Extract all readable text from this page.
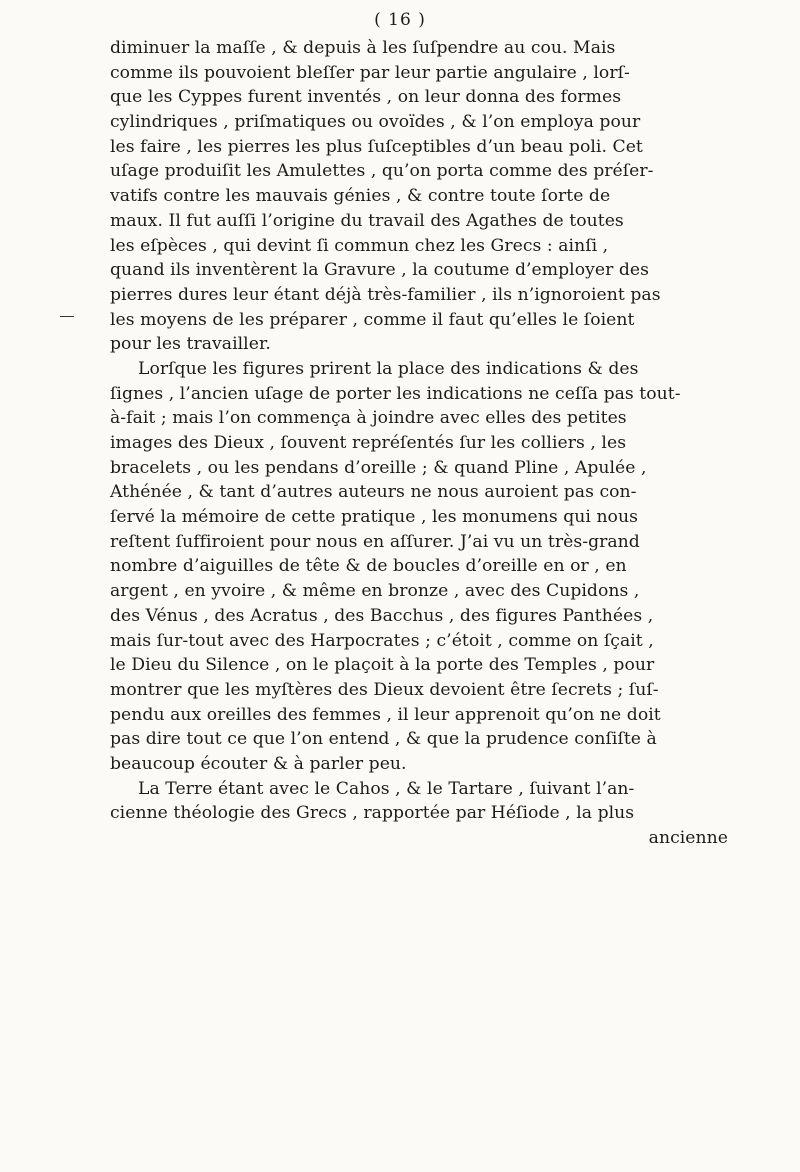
( 16 )
diminuer la maſſe , & depuis à les ſuſpendre au cou. Mais
comme ils pouvoient bleſſer par leur partie angulaire , lorſ-
que les Cyppes furent inventés , on leur donna des formes
cylindriques , priſmatiques ou ovoïdes , & l’on employa pour
les faire , les pierres les plus ſuſceptibles d’un beau poli. Cet
uſage produiſit les Amulettes , qu’on porta comme des préſer-
vatifs contre les mauvais génies , & contre toute ſorte de
maux. Il fut auſſi l’origine du travail des Agathes de toutes
les eſpèces , qui devint ſi commun chez les Grecs : ainſi ,
quand ils inventèrent la Gravure , la coutume d’employer des
pierres dures leur étant déjà très-familier , ils n’ignoroient pas
les moyens de les préparer , comme il faut qu’elles le ſoient
pour les travailler.
Lorſque les figures prirent la place des indications & des
ſignes , l’ancien uſage de porter les indications ne ceſſa pas tout-
à-fait ; mais l’on commença à joindre avec elles des petites
images des Dieux , ſouvent repréſentés ſur les colliers , les
bracelets , ou les pendans d’oreille ; & quand Pline , Apulée ,
Athénée , & tant d’autres auteurs ne nous auroient pas con-
ſervé la mémoire de cette pratique , les monumens qui nous
reſtent ſuffiroient pour nous en aſſurer. J’ai vu un très-grand
nombre d’aiguilles de tête & de boucles d’oreille en or , en
argent , en yvoire , & même en bronze , avec des Cupidons ,
des Vénus , des Acratus , des Bacchus , des figures Panthées ,
mais ſur-tout avec des Harpocrates ; c’étoit , comme on ſçait ,
le Dieu du Silence , on le plaçoit à la porte des Temples , pour
montrer que les myſtères des Dieux devoient être ſecrets ; ſuſ-
pendu aux oreilles des femmes , il leur apprenoit qu’on ne doit
pas dire tout ce que l’on entend , & que la prudence conſiſte à
beaucoup écouter & à parler peu.
La Terre étant avec le Cahos , & le Tartare , ſuivant l’an-
cienne théologie des Grecs , rapportée par Héſiode , la plus
ancienne
